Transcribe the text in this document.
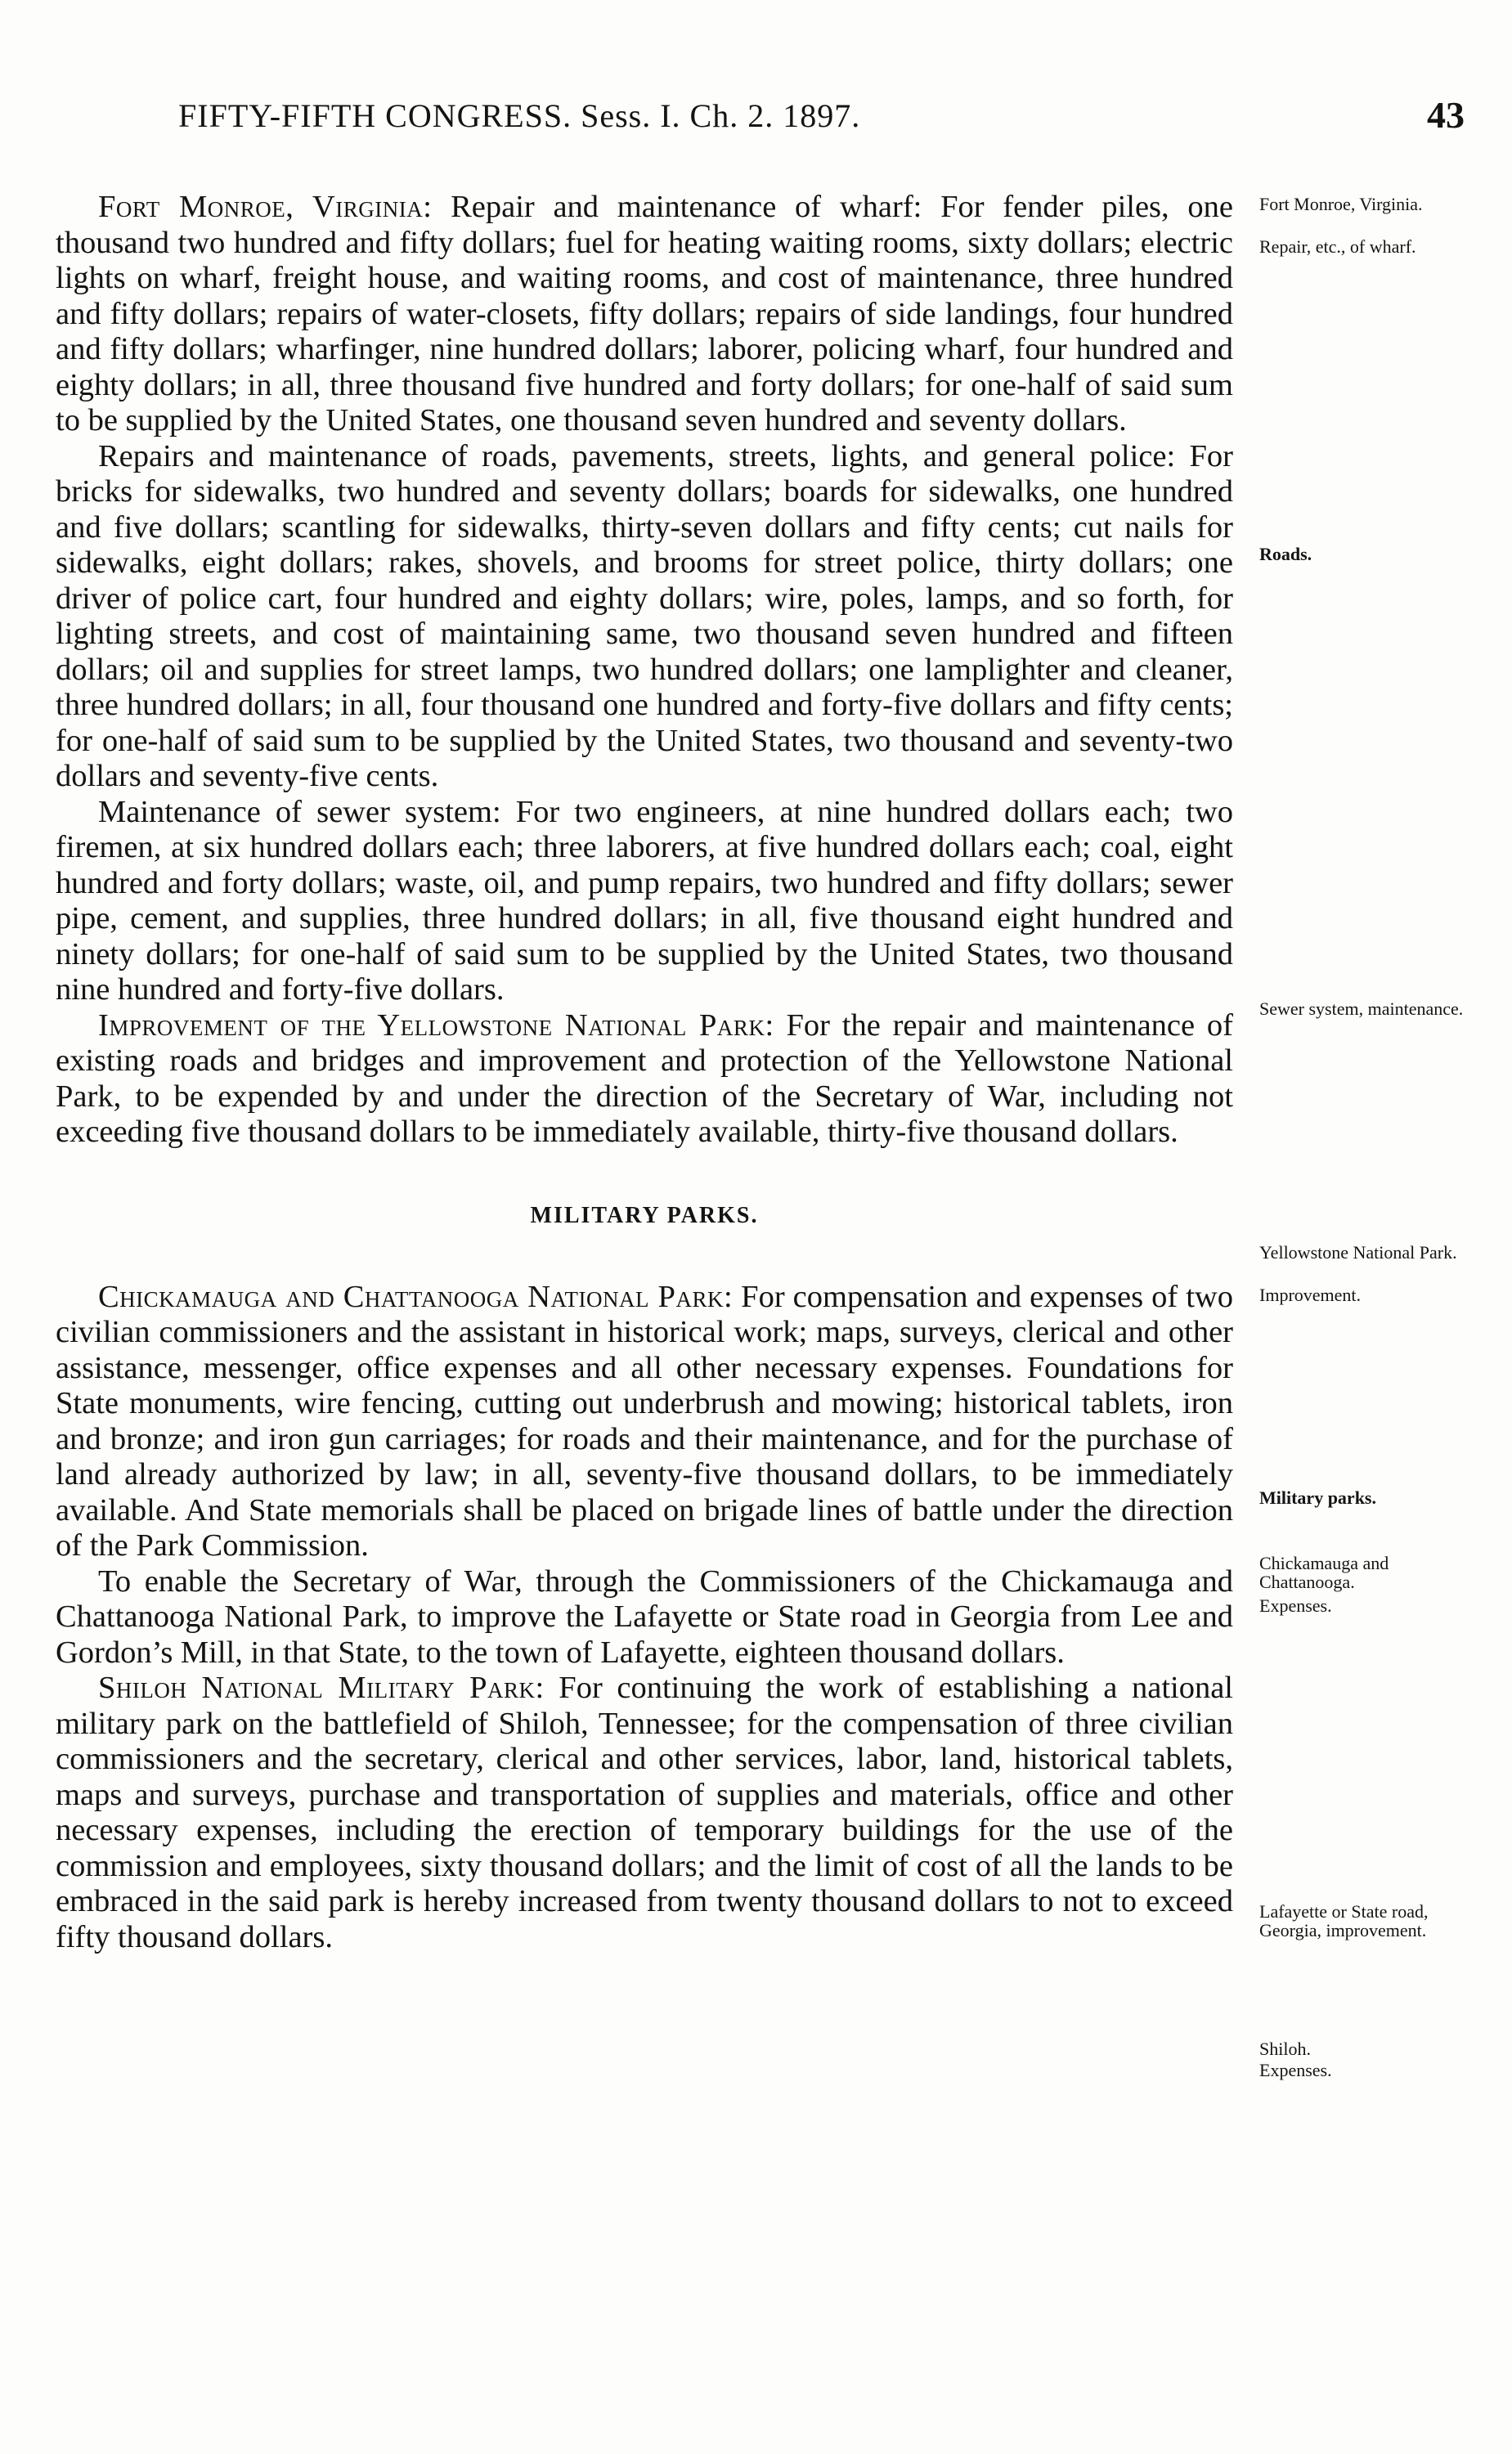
FIFTY-FIFTH CONGRESS. Sess. I. Ch. 2. 1897.	43

Fort Monroe, Virginia: Repair and maintenance of wharf: For fender piles, one thousand two hundred and fifty dollars; fuel for heating waiting rooms, sixty dollars; electric lights on wharf, freight house, and waiting rooms, and cost of maintenance, three hundred and fifty dollars; repairs of water-closets, fifty dollars; repairs of side landings, four hundred and fifty dollars; wharfinger, nine hundred dollars; laborer, policing wharf, four hundred and eighty dollars; in all, three thousand five hundred and forty dollars; for one-half of said sum to be supplied by the United States, one thousand seven hundred and seventy dollars.

Repairs and maintenance of roads, pavements, streets, lights, and general police: For bricks for sidewalks, two hundred and seventy dollars; boards for sidewalks, one hundred and five dollars; scantling for sidewalks, thirty-seven dollars and fifty cents; cut nails for sidewalks, eight dollars; rakes, shovels, and brooms for street police, thirty dollars; one driver of police cart, four hundred and eighty dollars; wire, poles, lamps, and so forth, for lighting streets, and cost of maintaining same, two thousand seven hundred and fifteen dollars; oil and supplies for street lamps, two hundred dollars; one lamplighter and cleaner, three hundred dollars; in all, four thousand one hundred and forty-five dollars and fifty cents; for one-half of said sum to be supplied by the United States, two thousand and seventy-two dollars and seventy-five cents.

Maintenance of sewer system: For two engineers, at nine hundred dollars each; two firemen, at six hundred dollars each; three laborers, at five hundred dollars each; coal, eight hundred and forty dollars; waste, oil, and pump repairs, two hundred and fifty dollars; sewer pipe, cement, and supplies, three hundred dollars; in all, five thousand eight hundred and ninety dollars; for one-half of said sum to be supplied by the United States, two thousand nine hundred and forty-five dollars.

Improvement of the Yellowstone National Park: For the repair and maintenance of existing roads and bridges and improvement and protection of the Yellowstone National Park, to be expended by and under the direction of the Secretary of War, including not exceeding five thousand dollars to be immediately available, thirty-five thousand dollars.

MILITARY PARKS.

Chickamauga and Chattanooga National Park: For compensation and expenses of two civilian commissioners and the assistant in historical work; maps, surveys, clerical and other assistance, messenger, office expenses and all other necessary expenses. Foundations for State monuments, wire fencing, cutting out underbrush and mowing; historical tablets, iron and bronze; and iron gun carriages; for roads and their maintenance, and for the purchase of land already authorized by law; in all, seventy-five thousand dollars, to be immediately available. And State memorials shall be placed on brigade lines of battle under the direction of the Park Commission.

To enable the Secretary of War, through the Commissioners of the Chickamauga and Chattanooga National Park, to improve the Lafayette or State road in Georgia from Lee and Gordon’s Mill, in that State, to the town of Lafayette, eighteen thousand dollars.

Shiloh National Military Park: For continuing the work of establishing a national military park on the battlefield of Shiloh, Tennessee; for the compensation of three civilian commissioners and the secretary, clerical and other services, labor, land, historical tablets, maps and surveys, purchase and transportation of supplies and materials, office and other necessary expenses, including the erection of temporary buildings for the use of the commission and employees, sixty thousand dollars; and the limit of cost of all the lands to be embraced in the said park is hereby increased from twenty thousand dollars to not to exceed fifty thousand dollars.

Fort Monroe, Virginia.
Repair, etc., of wharf.
Roads.
Sewer system, maintenance.
Yellowstone National Park.
Improvement.
Military parks.
Chickamauga and Chattanooga.
Expenses.
Lafayette or State road, Georgia, improvement.
Shiloh.
Expenses.
